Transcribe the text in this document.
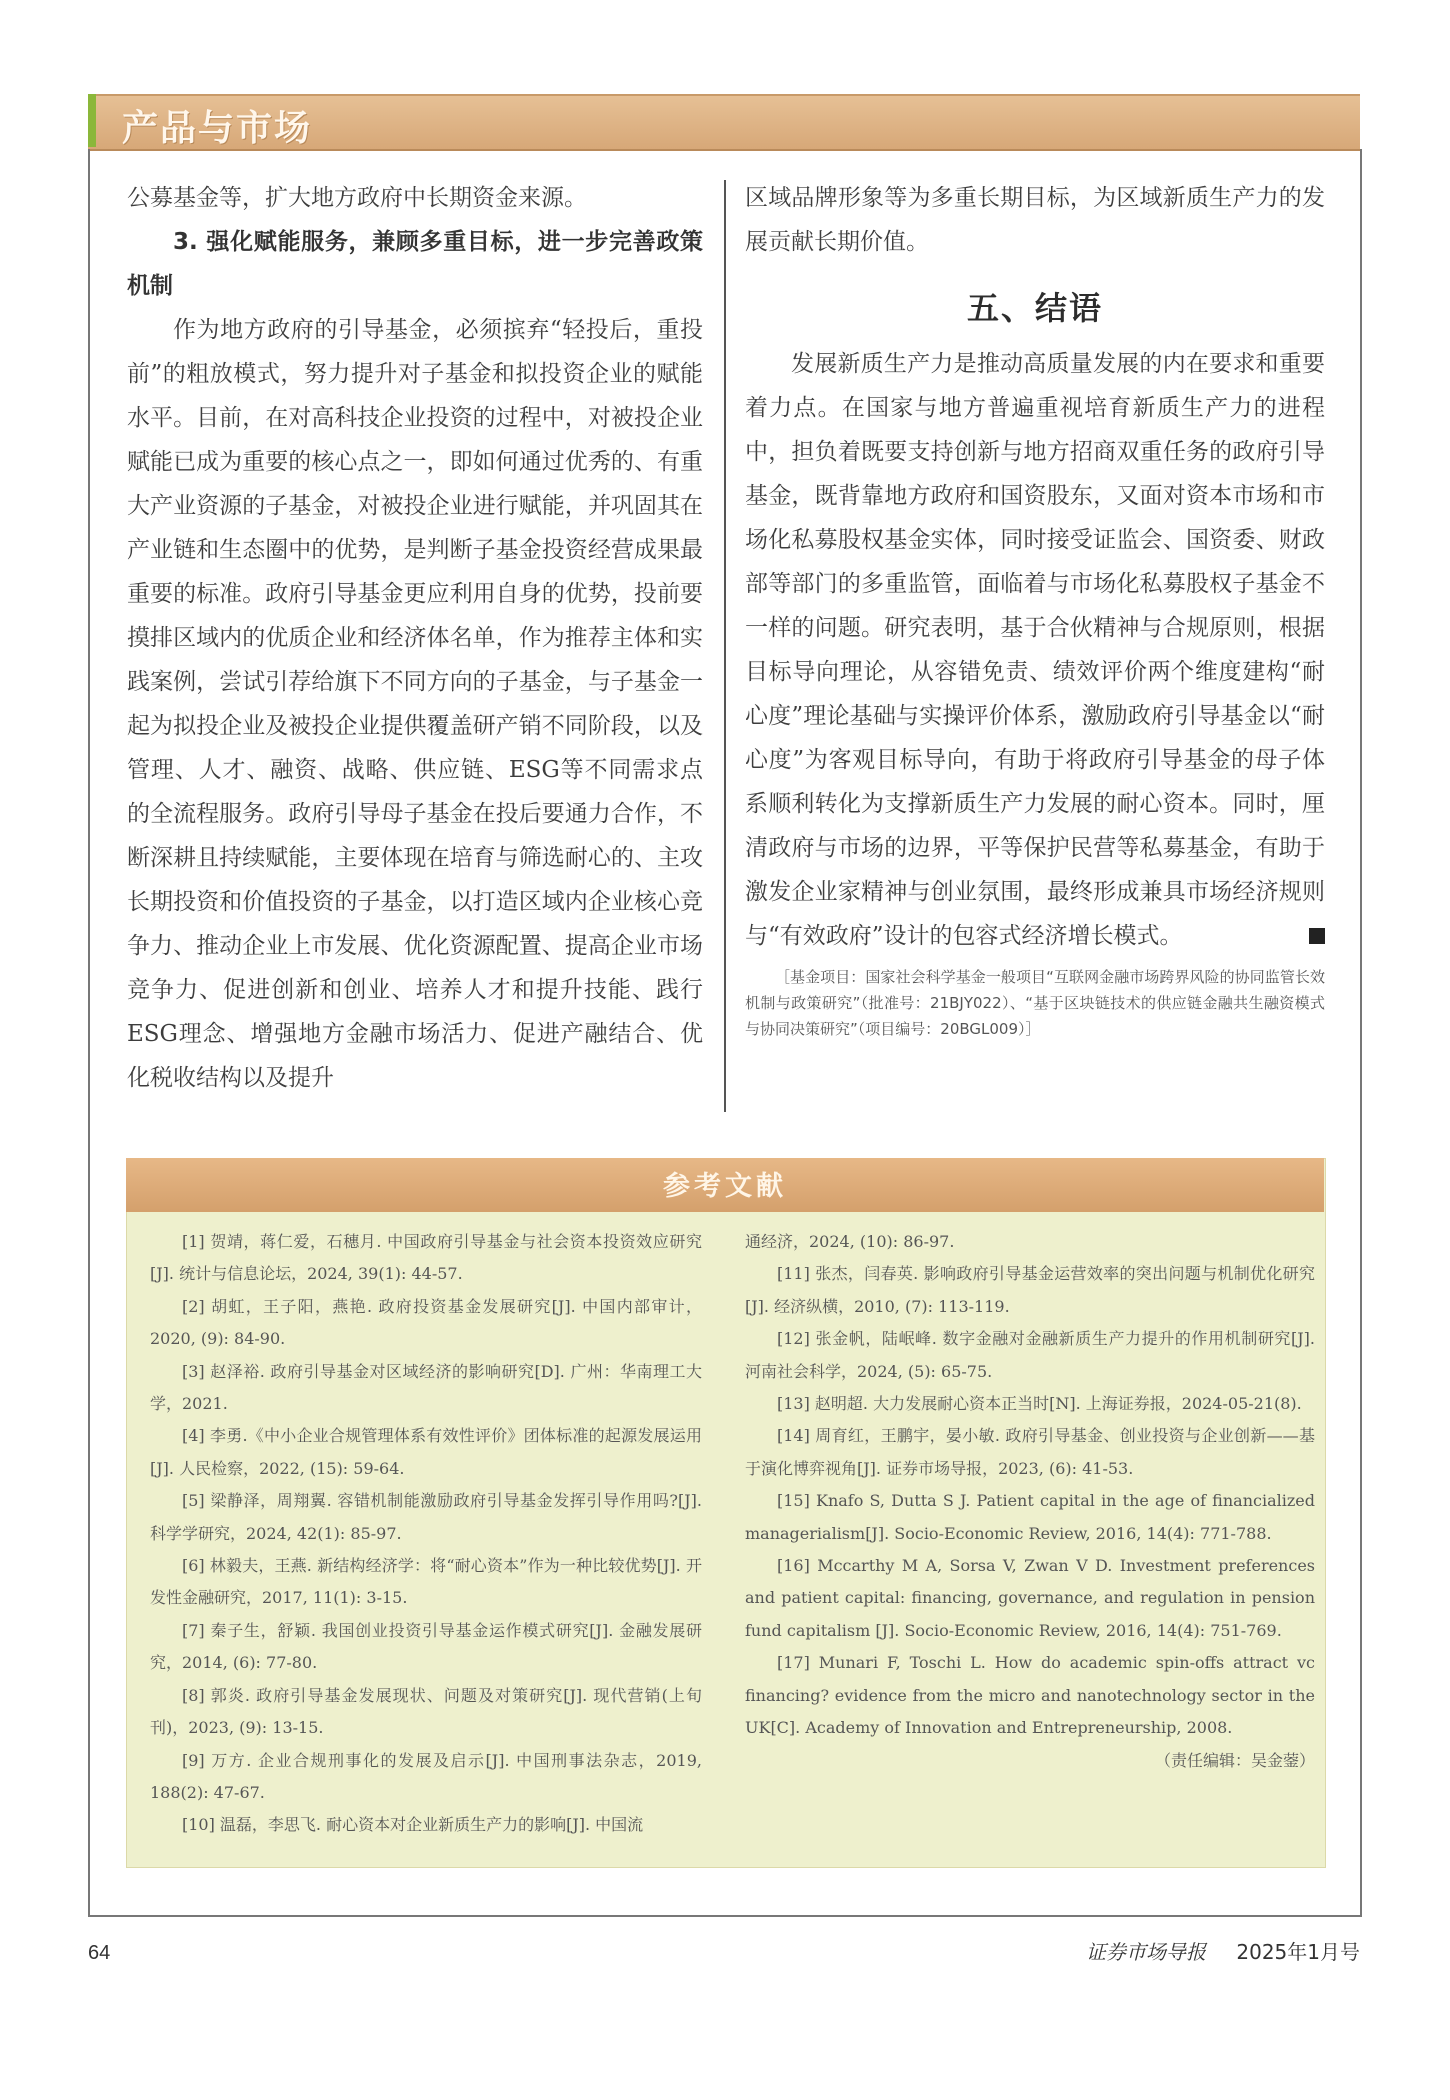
产品与市场

公募基金等，扩大地方政府中长期资金来源。

3. 强化赋能服务，兼顾多重目标，进一步完善政策机制

作为地方政府的引导基金，必须摈弃“轻投后，重投前”的粗放模式，努力提升对子基金和拟投资企业的赋能水平。目前，在对高科技企业投资的过程中，对被投企业赋能已成为重要的核心点之一，即如何通过优秀的、有重大产业资源的子基金，对被投企业进行赋能，并巩固其在产业链和生态圈中的优势，是判断子基金投资经营成果最重要的标准。政府引导基金更应利用自身的优势，投前要摸排区域内的优质企业和经济体名单，作为推荐主体和实践案例，尝试引荐给旗下不同方向的子基金，与子基金一起为拟投企业及被投企业提供覆盖研产销不同阶段，以及管理、人才、融资、战略、供应链、ESG等不同需求点的全流程服务。政府引导母子基金在投后要通力合作，不断深耕且持续赋能，主要体现在培育与筛选耐心的、主攻长期投资和价值投资的子基金，以打造区域内企业核心竞争力、推动企业上市发展、优化资源配置、提高企业市场竞争力、促进创新和创业、培养人才和提升技能、践行ESG理念、增强地方金融市场活力、促进产融结合、优化税收结构以及提升

区域品牌形象等为多重长期目标，为区域新质生产力的发展贡献长期价值。

五、结语

发展新质生产力是推动高质量发展的内在要求和重要着力点。在国家与地方普遍重视培育新质生产力的进程中，担负着既要支持创新与地方招商双重任务的政府引导基金，既背靠地方政府和国资股东，又面对资本市场和市场化私募股权基金实体，同时接受证监会、国资委、财政部等部门的多重监管，面临着与市场化私募股权子基金不一样的问题。研究表明，基于合伙精神与合规原则，根据目标导向理论，从容错免责、绩效评价两个维度建构“耐心度”理论基础与实操评价体系，激励政府引导基金以“耐心度”为客观目标导向，有助于将政府引导基金的母子体系顺利转化为支撑新质生产力发展的耐心资本。同时，厘清政府与市场的边界，平等保护民营等私募基金，有助于激发企业家精神与创业氛围，最终形成兼具市场经济规则与“有效政府”设计的包容式经济增长模式。

［基金项目：国家社会科学基金一般项目“互联网金融市场跨界风险的协同监管长效机制与政策研究”（批准号：21BJY022）、“基于区块链技术的供应链金融共生融资模式与协同决策研究”（项目编号：20BGL009）］
参考文献
[1] 贺靖，蒋仁爱，石穗月. 中国政府引导基金与社会资本投资效应研究[J]. 统计与信息论坛，2024, 39(1): 44-57.
[2] 胡虹，王子阳，燕艳. 政府投资基金发展研究[J]. 中国内部审计，2020, (9): 84-90.
[3] 赵泽裕. 政府引导基金对区域经济的影响研究[D]. 广州：华南理工大学，2021.
[4] 李勇.《中小企业合规管理体系有效性评价》团体标准的起源发展运用[J]. 人民检察，2022, (15): 59-64.
[5] 梁静泽，周翔翼. 容错机制能激励政府引导基金发挥引导作用吗?[J]. 科学学研究，2024, 42(1): 85-97.
[6] 林毅夫，王燕. 新结构经济学：将“耐心资本”作为一种比较优势[J]. 开发性金融研究，2017, 11(1): 3-15.
[7] 秦子生，舒颖. 我国创业投资引导基金运作模式研究[J]. 金融发展研究，2014, (6): 77-80.
[8] 郭炎. 政府引导基金发展现状、问题及对策研究[J]. 现代营销(上旬刊)，2023, (9): 13-15.
[9] 万方. 企业合规刑事化的发展及启示[J]. 中国刑事法杂志，2019, 188(2): 47-67.
[10] 温磊，李思飞. 耐心资本对企业新质生产力的影响[J]. 中国流
通经济，2024, (10): 86-97.
[11] 张杰，闫春英. 影响政府引导基金运营效率的突出问题与机制优化研究[J]. 经济纵横，2010, (7): 113-119.
[12] 张金帆，陆岷峰. 数字金融对金融新质生产力提升的作用机制研究[J]. 河南社会科学，2024, (5): 65-75.
[13] 赵明超. 大力发展耐心资本正当时[N]. 上海证券报，2024-05-21(8).
[14] 周育红，王鹏宇，晏小敏. 政府引导基金、创业投资与企业创新——基于演化博弈视角[J]. 证券市场导报，2023, (6): 41-53.
[15] Knafo S, Dutta S J. Patient capital in the age of financialized managerialism[J]. Socio-Economic Review, 2016, 14(4): 771-788.
[16] Mccarthy M A, Sorsa V, Zwan V D. Investment preferences and patient capital: financing, governance, and regulation in pension fund capitalism [J]. Socio-Economic Review, 2016, 14(4): 751-769.
[17] Munari F, Toschi L. How do academic spin-offs attract vc financing? evidence from the micro and nanotechnology sector in the UK[C]. Academy of Innovation and Entrepreneurship, 2008.
（责任编辑：吴金蓥）
64	证券市场导报 2025年1月号
